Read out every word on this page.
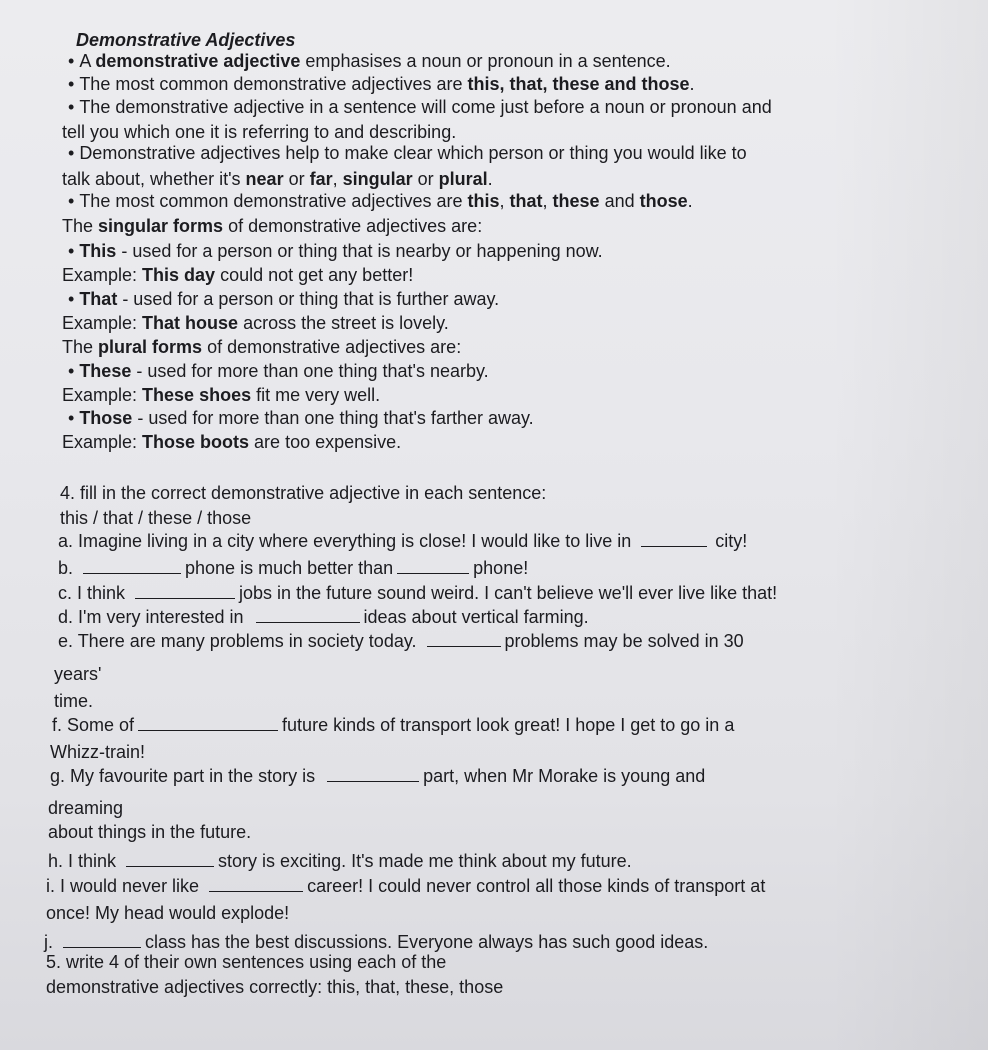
Demonstrative Adjectives
• A demonstrative adjective emphasises a noun or pronoun in a sentence.
• The most common demonstrative adjectives are this, that, these and those.
• The demonstrative adjective in a sentence will come just before a noun or pronoun and
tell you which one it is referring to and describing.
• Demonstrative adjectives help to make clear which person or thing you would like to
talk about, whether it's near or far, singular or plural.
• The most common demonstrative adjectives are this, that, these and those.
The singular forms of demonstrative adjectives are:
• This - used for a person or thing that is nearby or happening now.
Example: This day could not get any better!
• That - used for a person or thing that is further away.
Example: That house across the street is lovely.
The plural forms of demonstrative adjectives are:
• These - used for more than one thing that's nearby.
Example: These shoes fit me very well.
• Those - used for more than one thing that's farther away.
Example: Those boots are too expensive.
4. fill in the correct demonstrative adjective in each sentence:
this / that / these / those
a. Imagine living in a city where everything is close! I would like to live in	city!
b.	phone is much better than	phone!
c. I think	jobs in the future sound weird. I can't believe we'll ever live like that!
d. I'm very interested in	ideas about vertical farming.
e. There are many problems in society today.	problems may be solved in 30
years'
time.
f. Some of	future kinds of transport look great! I hope I get to go in a
Whizz-train!
g. My favourite part in the story is	part, when Mr Morake is young and
dreaming
about things in the future.
h. I think	story is exciting. It's made me think about my future.
i. I would never like	career! I could never control all those kinds of transport at
once! My head would explode!
j.	class has the best discussions. Everyone always has such good ideas.
5. write 4 of their own sentences using each of the
demonstrative adjectives correctly: this, that, these, those
